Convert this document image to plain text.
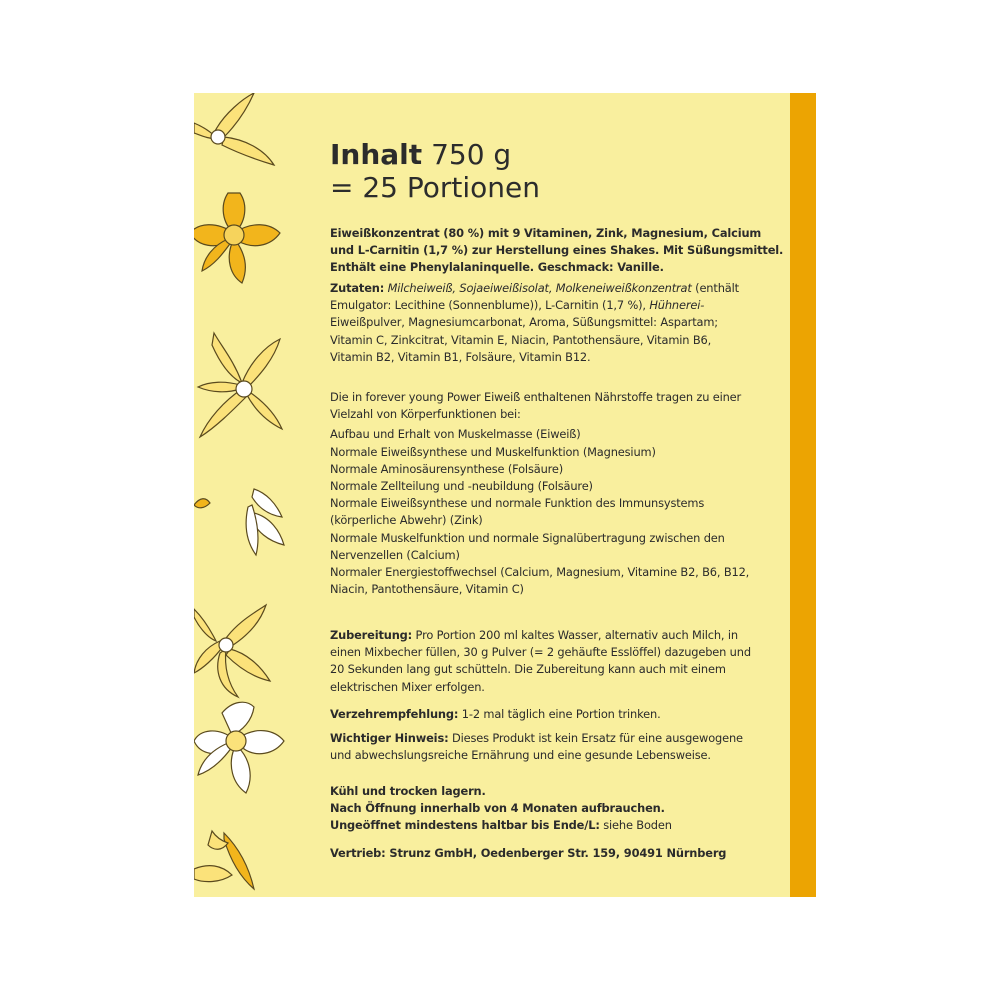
Inhalt 750 g
= 25 Portionen
Eiweißkonzentrat (80 %) mit 9 Vitaminen, Zink, Magnesium, Calcium
und L-Carnitin (1,7 %) zur Herstellung eines Shakes. Mit Süßungsmittel.
Enthält eine Phenylalaninquelle. Geschmack: Vanille.
Zutaten: Milcheiweiß, Sojaeiweißisolat, Molkeneiweißkonzentrat (enthält
Emulgator: Lecithine (Sonnenblume)), L-Carnitin (1,7 %), Hühnerei-
Eiweißpulver, Magnesiumcarbonat, Aroma, Süßungsmittel: Aspartam;
Vitamin C, Zinkcitrat, Vitamin E, Niacin, Pantothensäure, Vitamin B6,
Vitamin B2, Vitamin B1, Folsäure, Vitamin B12.
Die in forever young Power Eiweiß enthaltenen Nährstoffe tragen zu einer
Vielzahl von Körperfunktionen bei:
Aufbau und Erhalt von Muskelmasse (Eiweiß)
Normale Eiweißsynthese und Muskelfunktion (Magnesium)
Normale Aminosäurensynthese (Folsäure)
Normale Zellteilung und -neubildung (Folsäure)
Normale Eiweißsynthese und normale Funktion des Immunsystems
(körperliche Abwehr) (Zink)
Normale Muskelfunktion und normale Signalübertragung zwischen den
Nervenzellen (Calcium)
Normaler Energiestoffwechsel (Calcium, Magnesium, Vitamine B2, B6, B12,
Niacin, Pantothensäure, Vitamin C)
Zubereitung: Pro Portion 200 ml kaltes Wasser, alternativ auch Milch, in
einen Mixbecher füllen, 30 g Pulver (= 2 gehäufte Esslöffel) dazugeben und
20 Sekunden lang gut schütteln. Die Zubereitung kann auch mit einem
elektrischen Mixer erfolgen.
Verzehrempfehlung: 1-2 mal täglich eine Portion trinken.
Wichtiger Hinweis: Dieses Produkt ist kein Ersatz für eine ausgewogene
und abwechslungsreiche Ernährung und eine gesunde Lebensweise.
Kühl und trocken lagern.
Nach Öffnung innerhalb von 4 Monaten aufbrauchen.
Ungeöffnet mindestens haltbar bis Ende/L: siehe Boden
Vertrieb: Strunz GmbH, Oedenberger Str. 159, 90491 Nürnberg
